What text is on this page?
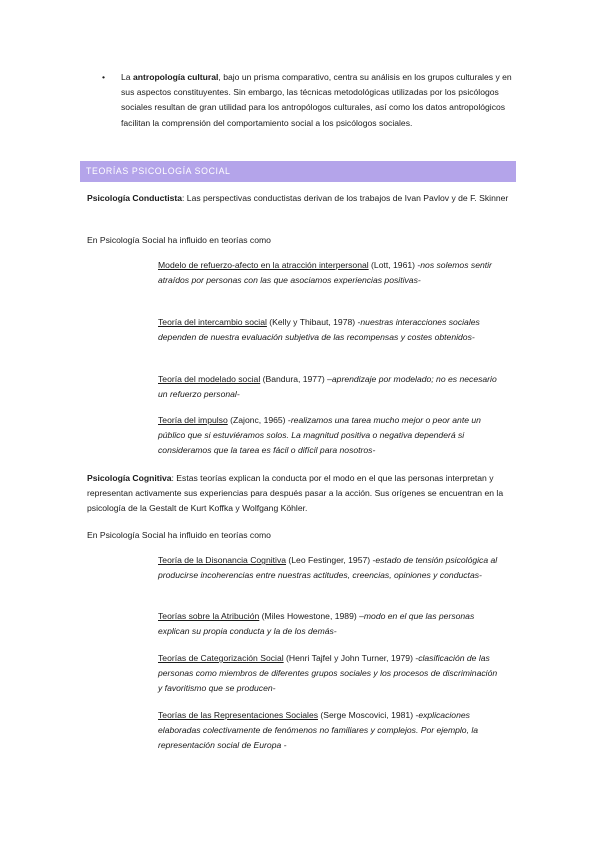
• La antropología cultural, bajo un prisma comparativo, centra su análisis en los grupos culturales y en sus aspectos constituyentes. Sin embargo, las técnicas metodológicas utilizadas por los psicólogos sociales resultan de gran utilidad para los antropólogos culturales, así como los datos antropológicos facilitan la comprensión del comportamiento social a los psicólogos sociales.
TEORÍAS PSICOLOGÍA SOCIAL
Psicología Conductista: Las perspectivas conductistas derivan de los trabajos de Ivan Pavlov y de F. Skinner
En Psicología Social ha influido en teorías como
Modelo de refuerzo-afecto en la atracción interpersonal (Lott, 1961) -nos solemos sentir atraídos por personas con las que asociamos experiencias positivas-
Teoría del intercambio social (Kelly y Thibaut, 1978) -nuestras interacciones sociales dependen de nuestra evaluación subjetiva de las recompensas y costes obtenidos-
Teoría del modelado social (Bandura, 1977) –aprendizaje por modelado; no es necesario un refuerzo personal-
Teoría del impulso (Zajonc, 1965) -realizamos una tarea mucho mejor o peor ante un público que si estuviéramos solos. La magnitud positiva o negativa dependerá si consideramos que la tarea es fácil o difícil para nosotros-
Psicología Cognitiva: Estas teorías explican la conducta por el modo en el que las personas interpretan y representan activamente sus experiencias para después pasar a la acción. Sus orígenes se encuentran en la psicología de la Gestalt de Kurt Koffka y Wolfgang Köhler.
En Psicología Social ha influido en teorías como
Teoría de la Disonancia Cognitiva (Leo Festinger, 1957) -estado de tensión psicológica al producirse incoherencias entre nuestras actitudes, creencias, opiniones y conductas-
Teorías sobre la Atribución (Miles Howestone, 1989) –modo en el que las personas explican su propia conducta y la de los demás-
Teorías de Categorización Social (Henri Tajfel y John Turner, 1979) -clasificación de las personas como miembros de diferentes grupos sociales y los procesos de discriminación y favoritismo que se producen-
Teorías de las Representaciones Sociales (Serge Moscovici, 1981) -explicaciones elaboradas colectivamente de fenómenos no familiares y complejos. Por ejemplo, la representación social de Europa -
